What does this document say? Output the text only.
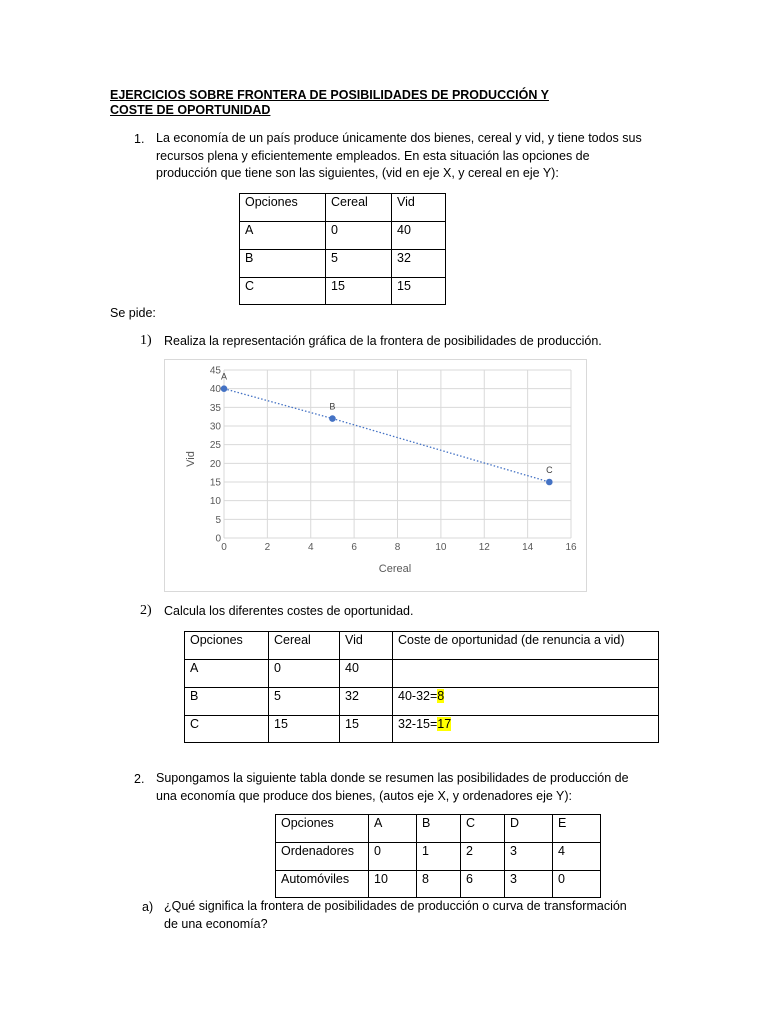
EJERCICIOS SOBRE FRONTERA DE POSIBILIDADES DE PRODUCCIÓN Y COSTE DE OPORTUNIDAD
1. La economía de un país produce únicamente dos bienes, cereal y vid, y tiene todos sus
recursos plena y eficientemente empleados. En esta situación las opciones de
producción que tiene son las siguientes, (vid en eje X, y cereal en eje Y):
Opciones	Cereal	Vid
A	0	40
B	5	32
C	15	15
Se pide:
1) Realiza la representación gráfica de la frontera de posibilidades de producción.
0	2	4	6	8	10	12	14	16
0
5
10
15
20
25
30
35
40
45
A
B
C
Cereal
Vid
2) Calcula los diferentes costes de oportunidad.
Opciones	Cereal	Vid	Coste de oportunidad (de renuncia a vid)
A	0	40	
B	5	32	40-32=8
C	15	15	32-15=17
2. Supongamos la siguiente tabla donde se resumen las posibilidades de producción de
una economía que produce dos bienes, (autos eje X, y ordenadores eje Y):
Opciones	A	B	C	D	E
Ordenadores	0	1	2	3	4
Automóviles	10	8	6	3	0
a) ¿Qué significa la frontera de posibilidades de producción o curva de transformación
de una economía?
